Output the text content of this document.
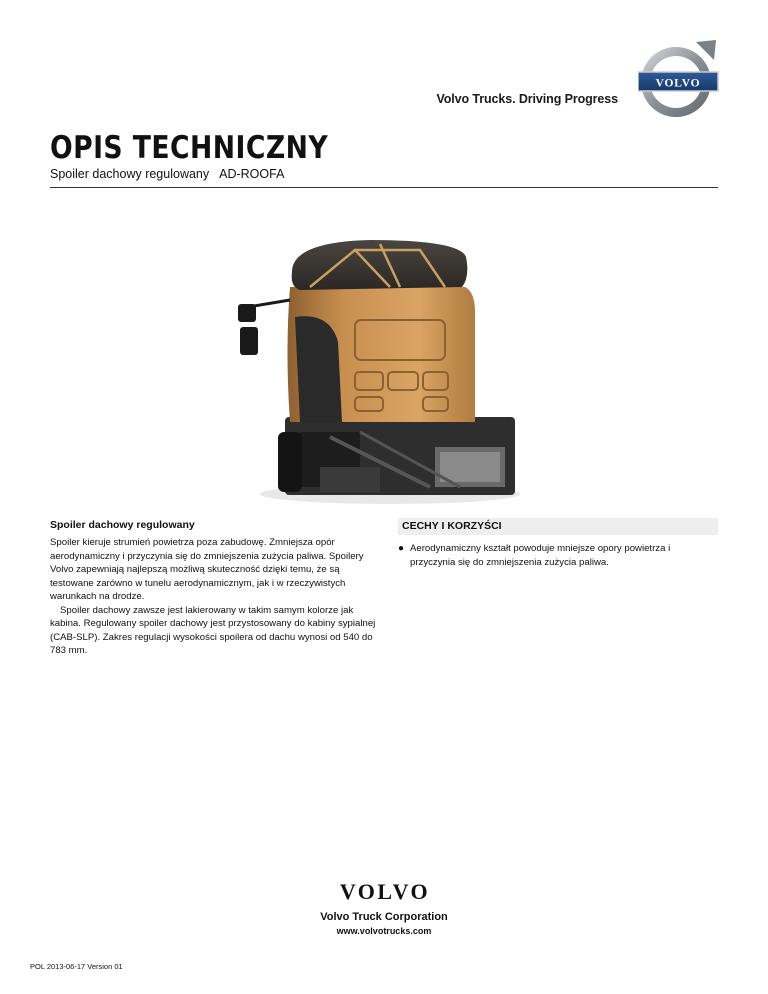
VOLVO
Volvo Trucks. Driving Progress
OPIS TECHNICZNY
Spoiler dachowy regulowany AD-ROOFA
Spoiler dachowy regulowany

Spoiler kieruje strumień powietrza poza zabudowę. Zmniejsza opór aerodynamiczny i przyczynia się do zmniejszenia zużycia paliwa. Spoilery Volvo zapewniają najlepszą możliwą skuteczność dzięki temu, że są testowane zarówno w tunelu aerodynamicznym, jak i w rzeczywistych warunkach na drodze.

Spoiler dachowy zawsze jest lakierowany w takim samym kolorze jak kabina. Regulowany spoiler dachowy jest przystosowany do kabiny sypialnej (CAB-SLP). Zakres regulacji wysokości spoilera od dachu wynosi od 540 do 783 mm.

CECHY I KORZYŚCI
● Aerodynamiczny kształt powoduje mniejsze opory powietrza i przyczynia się do zmniejszenia zużycia paliwa.
VOLVO
Volvo Truck Corporation
www.volvotrucks.com
POL 2013-06-17 Version 01
